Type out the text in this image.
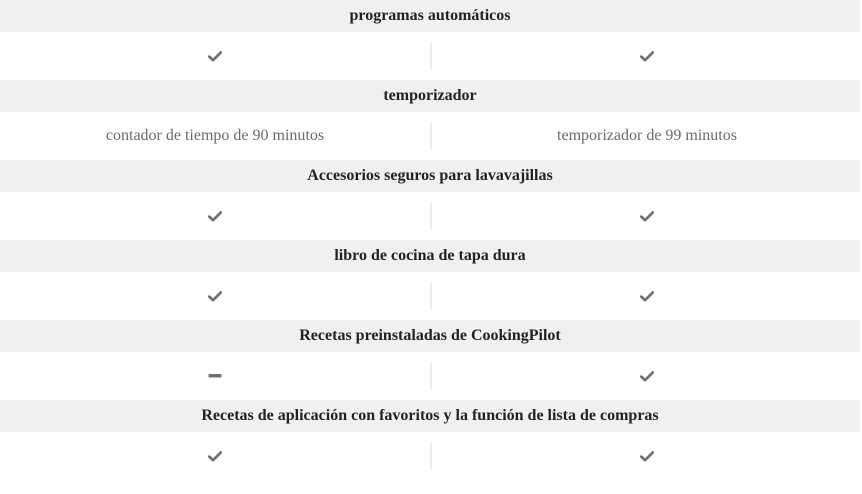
programas automáticos
temporizador
contador de tiempo de 90 minutos	temporizador de 99 minutos
Accesorios seguros para lavavajillas
libro de cocina de tapa dura
Recetas preinstaladas de CookingPilot
Recetas de aplicación con favoritos y la función de lista de compras
